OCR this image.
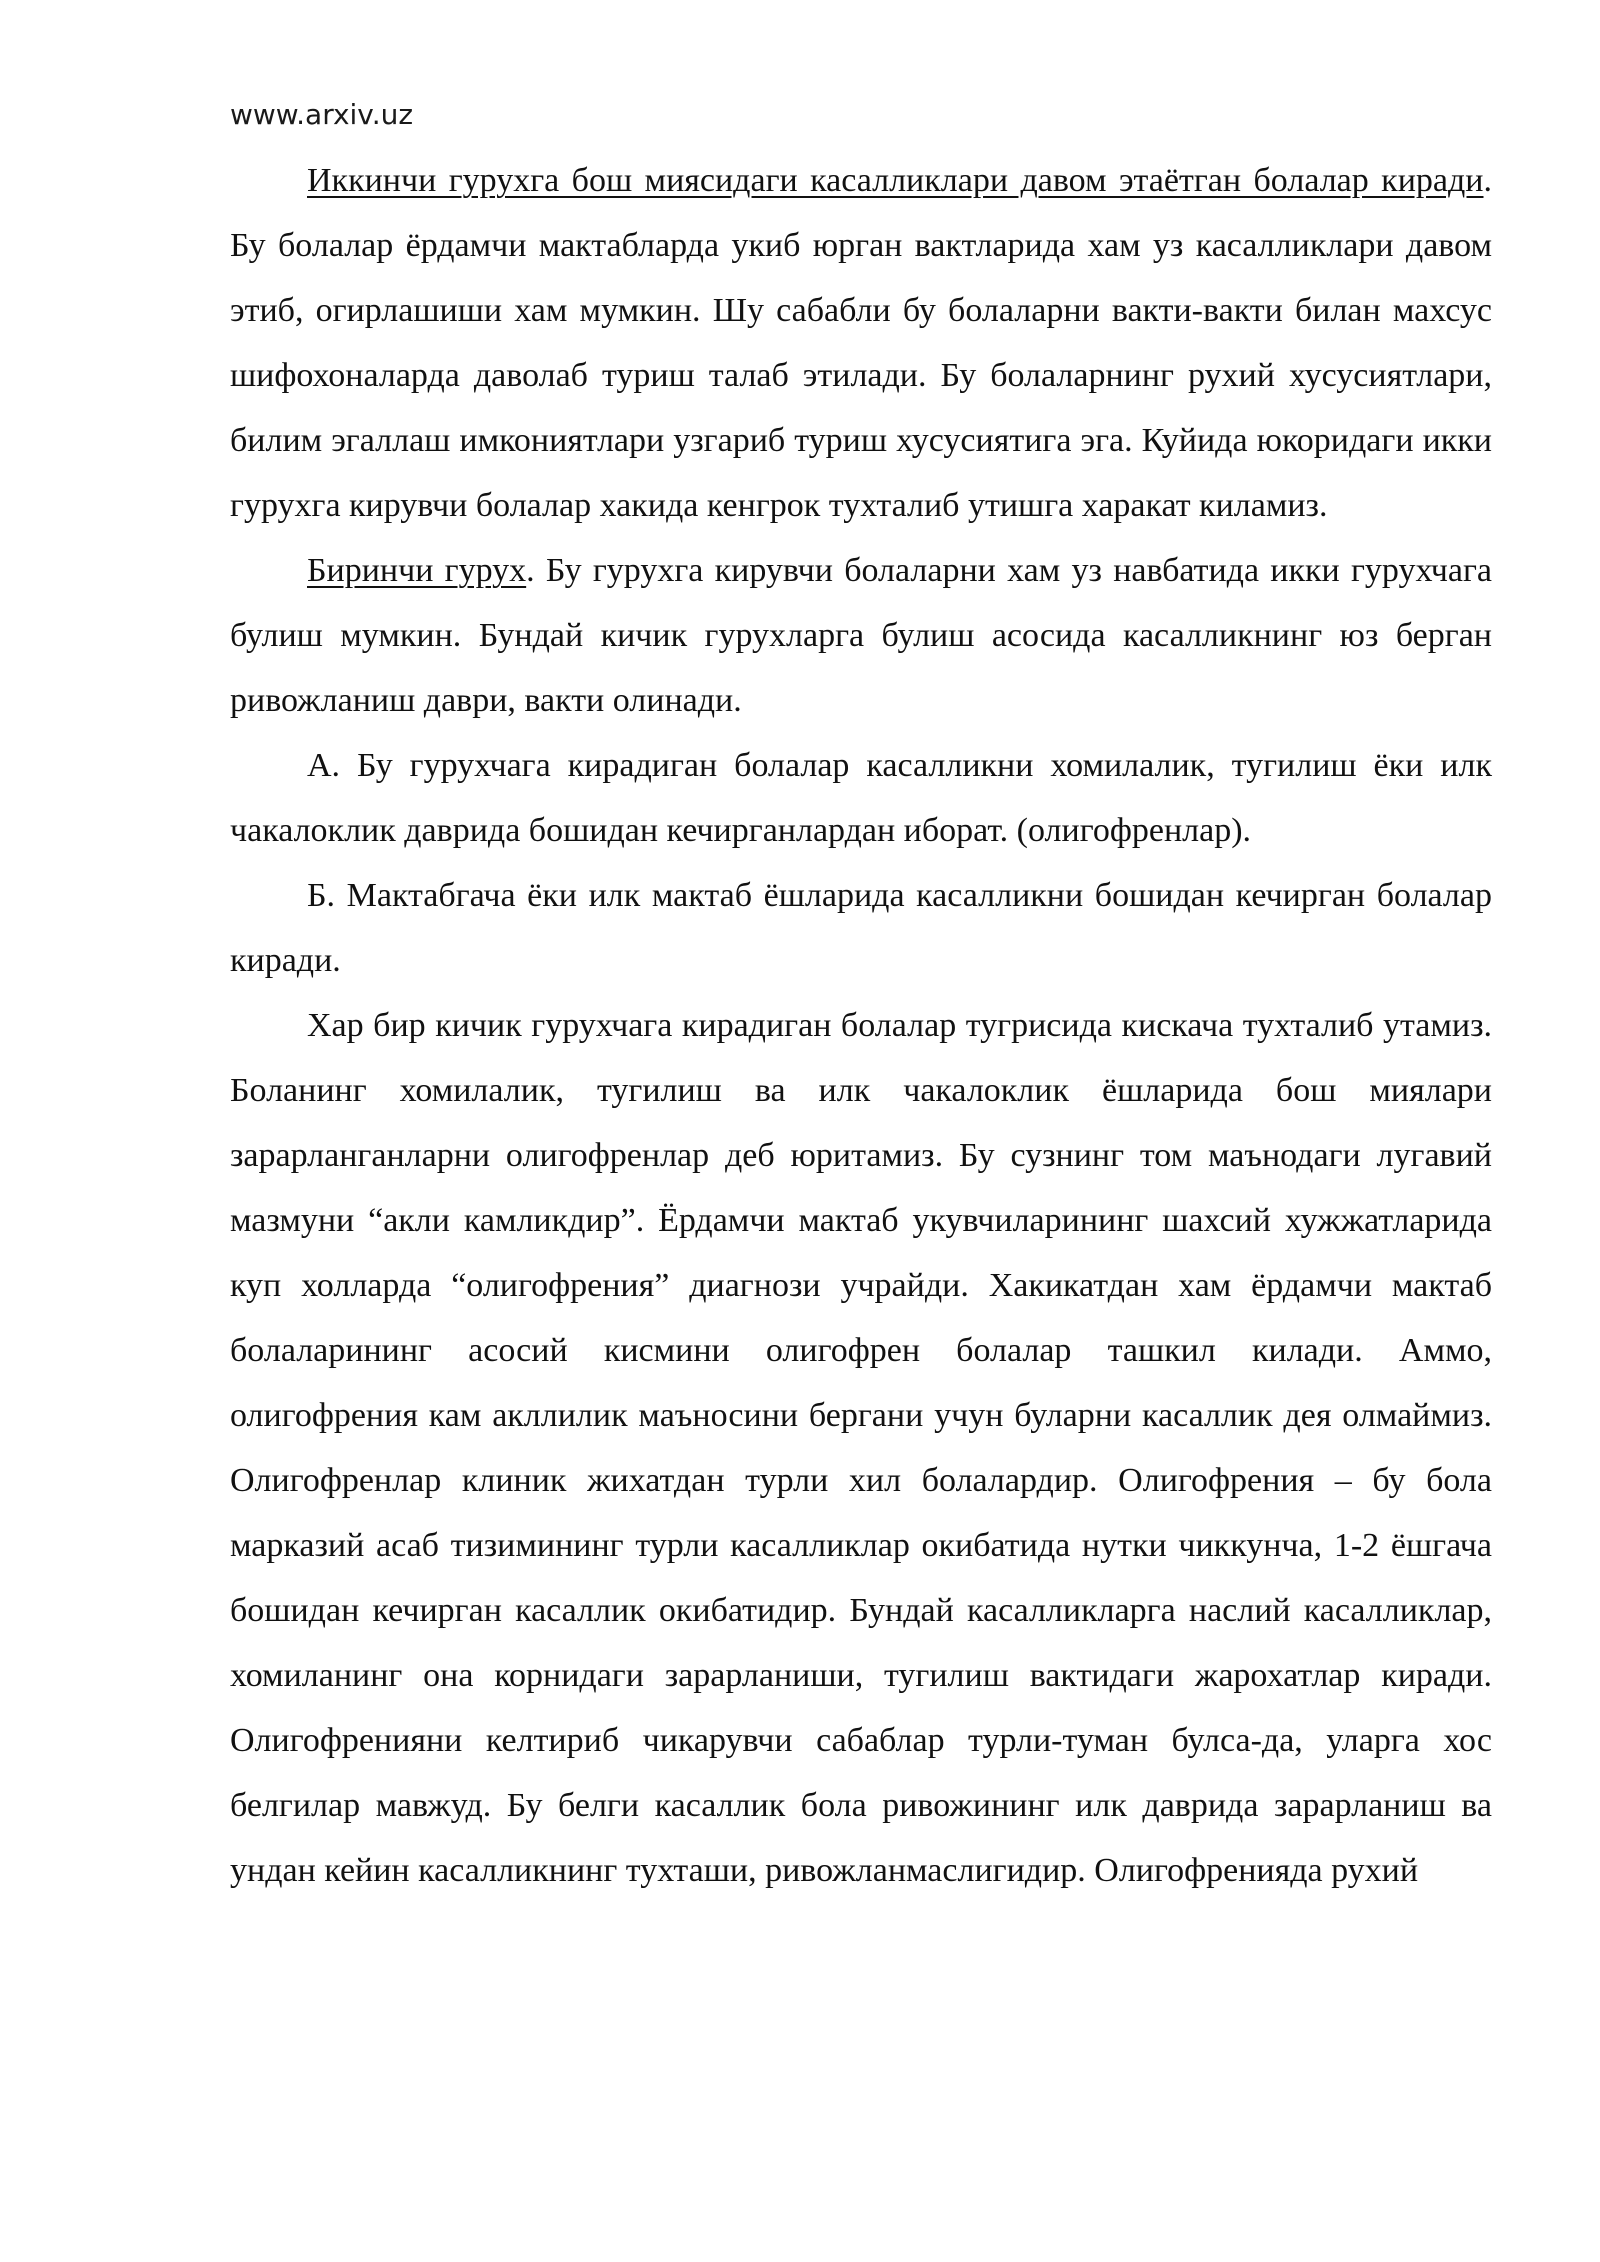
www.arxiv.uz

Иккинчи гурухга бош миясидаги касалликлари давом этаётган болалар киради. Бу болалар ёрдамчи мактабларда укиб юрган вактларида хам уз касалликлари давом этиб, огирлашиши хам мумкин. Шу сабабли бу болаларни вакти-вакти билан махсус шифохоналарда даволаб туриш талаб этилади. Бу болаларнинг рухий хусусиятлари, билим эгаллаш имкониятлари узгариб туриш хусусиятига эга. Куйида юкоридаги икки гурухга кирувчи болалар хакида кенгрок тухталиб утишга харакат киламиз.

Биринчи гурух. Бу гурухга кирувчи болаларни хам уз навбатида икки гурухчага булиш мумкин. Бундай кичик гурухларга булиш асосида касалликнинг юз берган ривожланиш даври, вакти олинади.

А. Бу гурухчага кирадиган болалар касалликни хомилалик, тугилиш ёки илк чакалоклик даврида бошидан кечирганлардан иборат. (олигофренлар).

Б. Мактабгача ёки илк мактаб ёшларида касалликни бошидан кечирган болалар киради.

Хар бир кичик гурухчага кирадиган болалар тугрисида кискача тухталиб утамиз. Боланинг хомилалик, тугилиш ва илк чакалоклик ёшларида бош миялари зарарланганларни олигофренлар деб юритамиз. Бу сузнинг том маънодаги лугавий мазмуни “акли камликдир”. Ёрдамчи мактаб укувчиларининг шахсий хужжатларида куп холларда “олигофрения” диагнози учрайди. Хакикатдан хам ёрдамчи мактаб болаларининг асосий кисмини олигофрен болалар ташкил килади. Аммо, олигофрения кам акллилик маъносини бергани учун буларни касаллик дея олмаймиз. Олигофренлар клиник жихатдан турли хил болалардир. Олигофрения – бу бола марказий асаб тизимининг турли касалликлар окибатида нутки чиккунча, 1-2 ёшгача бошидан кечирган касаллик окибатидир. Бундай касалликларга наслий касалликлар, хомиланинг она корнидаги зарарланиши, тугилиш вактидаги жарохатлар киради. Олигофренияни келтириб чикарувчи сабаблар турли-туман булса-да, уларга хос белгилар мавжуд. Бу белги касаллик бола ривожининг илк даврида зарарланиш ва ундан кейин касалликнинг тухташи, ривожланмаслигидир. Олигофренияда рухий
